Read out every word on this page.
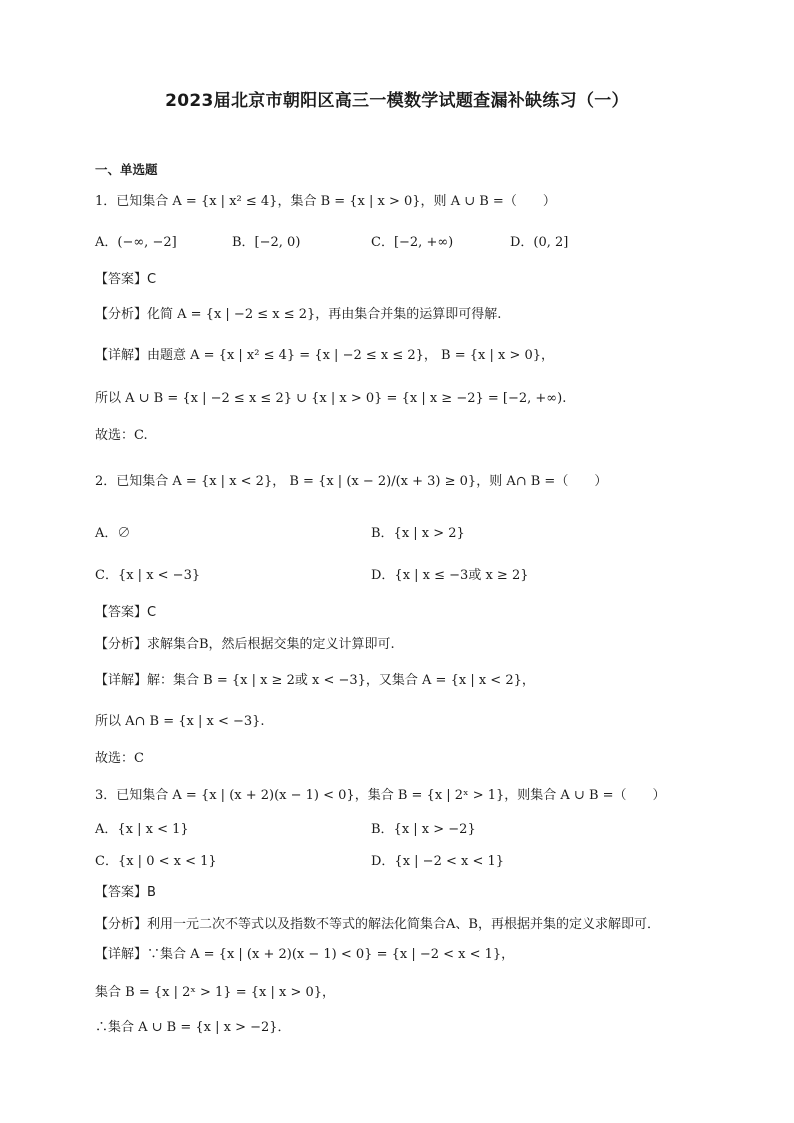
2023届北京市朝阳区高三一模数学试题查漏补缺练习（一）
一、单选题
1．已知集合 A = {x | x² ≤ 4}，集合 B = {x | x > 0}，则 A ∪ B =（　　）
A．(−∞, −2]	B．[−2, 0)	C．[−2, +∞)	D．(0, 2]
【答案】C
【分析】化简 A = {x | −2 ≤ x ≤ 2}，再由集合并集的运算即可得解.
【详解】由题意 A = {x | x² ≤ 4} = {x | −2 ≤ x ≤ 2}， B = {x | x > 0}，
所以 A ∪ B = {x | −2 ≤ x ≤ 2} ∪ {x | x > 0} = {x | x ≥ −2} = [−2, +∞).
故选：C.
2．已知集合 A = {x | x < 2}， B = {x | (x − 2)/(x + 3) ≥ 0}，则 A∩ B =（　　）
A．∅	B．{x | x > 2}
C．{x | x < −3}	D．{x | x ≤ −3或 x ≥ 2}
【答案】C
【分析】求解集合B，然后根据交集的定义计算即可.
【详解】解：集合 B = {x | x ≥ 2或 x < −3}，又集合 A = {x | x < 2}，
所以 A∩ B = {x | x < −3}.
故选：C
3．已知集合 A = {x | (x + 2)(x − 1) < 0}，集合 B = {x | 2ˣ > 1}，则集合 A ∪ B =（　　）
A．{x | x < 1}	B．{x | x > −2}
C．{x | 0 < x < 1}	D．{x | −2 < x < 1}
【答案】B
【分析】利用一元二次不等式以及指数不等式的解法化简集合A、B，再根据并集的定义求解即可．
【详解】∵集合 A = {x | (x + 2)(x − 1) < 0} = {x | −2 < x < 1}，
集合 B = {x | 2ˣ > 1} = {x | x > 0}，
∴集合 A ∪ B = {x | x > −2}．
